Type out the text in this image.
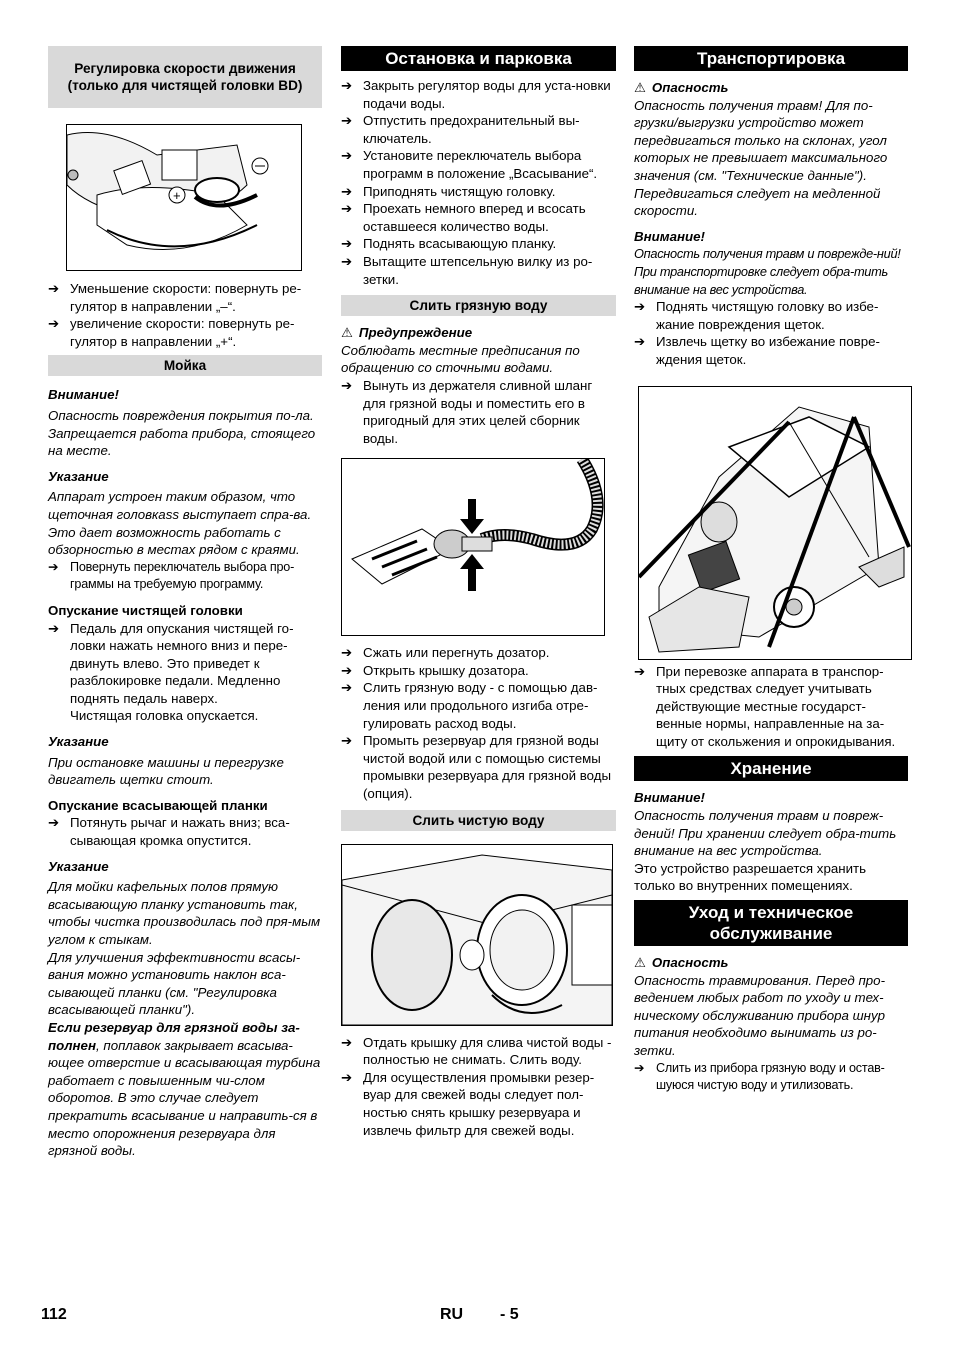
Регулировка скорости движения (только для чистящей головки BD)
+
➔ Уменьшение скорости: повернуть ре-гулятор в направлении „–“.
➔ увеличение скорости: повернуть ре-гулятор в направлении „+“.
Мойка
Внимание!

Опасность повреждения покрытия по-ла. Запрещается работа прибора, стоящего на месте.

Указание

Аппарат устроен таким образом, что щеточная головкаss выступает спра-ва. Это дает возможность работать с обзорностью в местах рядом с краями.

➔ Повернуть переключатель выбора про-граммы на требуемую программу.
Опускание чистящей головки
➔ Педаль для опускания чистящей го-ловки нажать немного вниз и пере-двинуть влево. Это приведет к разблокировке педали. Медленно поднять педаль наверх.
Чистящая головка опускается.
Указание

При остановке машины и перегрузке двигатель щетки стоит.

Опускание всасывающей планки
➔ Потянуть рычаг и нажать вниз; вса-сывающая кромка опустится.
Указание

Для мойки кафельных полов прямую всасывающую планку установить так, чтобы чистка производилась под пря-мым углом к стыкам.

Для улучшения эффективности всасы-вания можно установить наклон вса-сывающей планки (см. "Регулировка всасывающей планки").

Если резервуар для грязной воды за-полнен, поплавок закрывает всасыва-ющее отверстие и всасывающая турбина работает с повышенным чи-слом оборотов. В это случае следует прекратить всасывание и направить-ся в место опорожнения резервуара для грязной воды.

Остановка и парковка
➔ Закрыть регулятор воды для уста-новки подачи воды.
➔ Отпустить предохранительный вы-ключатель.
➔ Установите переключатель выбора программ в положение „Всасывание“.
➔ Приподнять чистящую головку.
➔ Проехать немного вперед и всосать оставшееся количество воды.
➔ Поднять всасывающую планку.
➔ Вытащите штепсельную вилку из ро-зетки.
Слить грязную воду
⚠ Предупреждение

Соблюдать местные предписания по обращению со сточными водами.

➔ Вынуть из держателя сливной шланг для грязной воды и поместить его в пригодный для этих целей сборник воды.
➔ Сжать или перегнуть дозатор.
➔ Открыть крышку дозатора.
➔ Слить грязную воду - с помощью дав-ления или продольного изгиба отре-гулировать расход воды.
➔ Промыть резервуар для грязной воды чистой водой или с помощью системы промывки резервуара для грязной воды (опция).
Слить чистую воду
➔ Отдать крышку для слива чистой воды - полностью не снимать. Слить воду.
➔ Для осуществления промывки резер-вуар для свежей воды следует пол-ностью снять крышку резервуара и извлечь фильтр для свежей воды.
Транспортировка
⚠ Опасность

Опасность получения травм! Для по-грузки/выгрузки устройство может передвигаться только на склонах, угол которых не превышает максимального значения (см. "Технические данные"). Передвигаться следует на медленной скорости.

Внимание!

Опасность получения травм и поврежде-ний! При транспортировке следует обра-тить внимание на вес устройства.

➔ Поднять чистящую головку во избе-жание повреждения щеток.
➔ Извлечь щетку во избежание повре-ждения щеток.
➔ При перевозке аппарата в транспор-тных средствах следует учитывать действующие местные государст-венные нормы, направленные на за-щиту от скольжения и опрокидывания.
Хранение
Внимание!

Опасность получения травм и повреж-дений! При хранении следует обра-тить внимание на вес устройства.

Это устройство разрешается хранить только во внутренних помещениях.

Уход и техническое обслуживание
⚠ Опасность

Опасность травмирования. Перед про-ведением любых работ по уходу и тех-ническому обслуживанию прибора шнур питания необходимо вынимать из ро-зетки.

➔ Слить из прибора грязную воду и остав-шуюся чистую воду и утилизовать.
112	RU - 5
